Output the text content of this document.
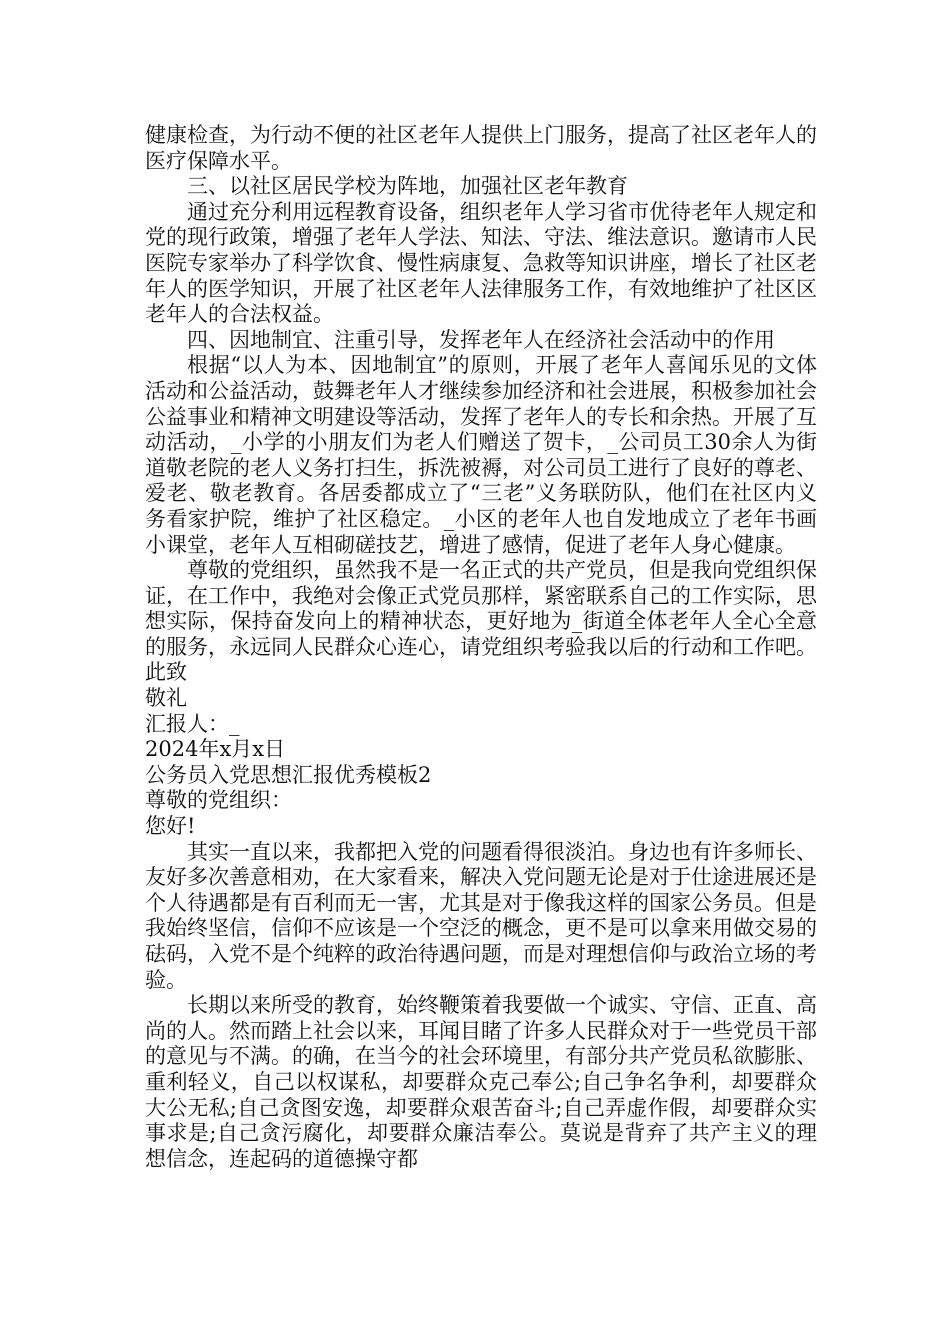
健康检查，为行动不便的社区老年人提供上门服务，提高了社区老年人的医疗保障水平。

三、以社区居民学校为阵地，加强社区老年教育

通过充分利用远程教育设备，组织老年人学习省市优待老年人规定和党的现行政策，增强了老年人学法、知法、守法、维法意识。邀请市人民医院专家举办了科学饮食、慢性病康复、急救等知识讲座，增长了社区老年人的医学知识，开展了社区老年人法律服务工作，有效地维护了社区区老年人的合法权益。

四、因地制宜、注重引导，发挥老年人在经济社会活动中的作用

根据“以人为本、因地制宜”的原则，开展了老年人喜闻乐见的文体活动和公益活动，鼓舞老年人才继续参加经济和社会进展，积极参加社会公益事业和精神文明建设等活动，发挥了老年人的专长和余热。开展了互动活动，_小学的小朋友们为老人们赠送了贺卡，_公司员工30余人为街道敬老院的老人义务打扫生，拆洗被褥，对公司员工进行了良好的尊老、爱老、敬老教育。各居委都成立了“三老”义务联防队，他们在社区内义务看家护院，维护了社区稳定。_小区的老年人也自发地成立了老年书画小课堂，老年人互相砌磋技艺，增进了感情，促进了老年人身心健康。

尊敬的党组织，虽然我不是一名正式的共产党员，但是我向党组织保证，在工作中，我绝对会像正式党员那样，紧密联系自己的工作实际，思想实际，保持奋发向上的精神状态，更好地为_街道全体老年人全心全意的服务，永远同人民群众心连心，请党组织考验我以后的行动和工作吧。

此致

敬礼

汇报人：_

2024年x月x日

公务员入党思想汇报优秀模板2

尊敬的党组织：

您好!

其实一直以来，我都把入党的问题看得很淡泊。身边也有许多师长、友好多次善意相劝，在大家看来，解决入党问题无论是对于仕途进展还是个人待遇都是有百利而无一害，尤其是对于像我这样的国家公务员。但是我始终坚信，信仰不应该是一个空泛的概念，更不是可以拿来用做交易的砝码，入党不是个纯粹的政治待遇问题，而是对理想信仰与政治立场的考验。

长期以来所受的教育，始终鞭策着我要做一个诚实、守信、正直、高尚的人。然而踏上社会以来，耳闻目睹了许多人民群众对于一些党员干部的意见与不满。的确，在当今的社会环境里，有部分共产党员私欲膨胀、重利轻义，自己以权谋私，却要群众克己奉公;自己争名争利，却要群众大公无私;自己贪图安逸，却要群众艰苦奋斗;自己弄虚作假，却要群众实事求是;自己贪污腐化，却要群众廉洁奉公。莫说是背弃了共产主义的理想信念，连起码的道德操守都
